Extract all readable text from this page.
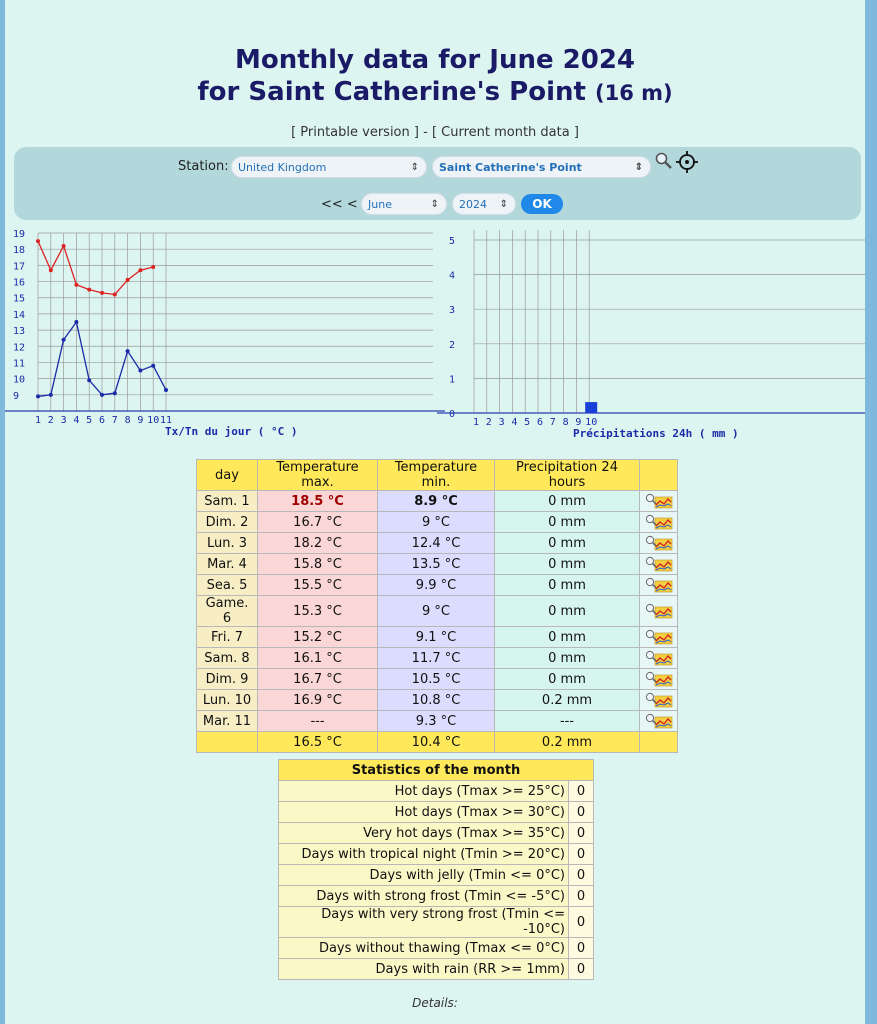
Monthly data for June 2024
for Saint Catherine's Point (16 m)
[ Printable version ] - [ Current month data ]
Station: United Kingdom	⇕	Saint Catherine's Point	⇕
<< < June	⇕	2024 ⇕	OK
9
10
11
12
13
14
15
16
17
18
19
1 2 3 4 5 6 7 8 9 10 11
Tx/Tn du jour ( °C )
0
1
2
3
4
5
1 2 3 4 5 6 7 8 9 10
Précipitations 24h ( mm )
day	Temperature max.	Temperature min.	Precipitation 24 hours	
Sam. 1	18.5 °C	8.9 °C	0 mm	
Dim. 2	16.7 °C	9 °C	0 mm	
Lun. 3	18.2 °C	12.4 °C	0 mm	
Mar. 4	15.8 °C	13.5 °C	0 mm	
Sea. 5	15.5 °C	9.9 °C	0 mm	
Game. 6	15.3 °C	9 °C	0 mm	
Fri. 7	15.2 °C	9.1 °C	0 mm	
Sam. 8	16.1 °C	11.7 °C	0 mm	
Dim. 9	16.7 °C	10.5 °C	0 mm	
Lun. 10	16.9 °C	10.8 °C	0.2 mm	
Mar. 11	---	9.3 °C	---	
	16.5 °C	10.4 °C	0.2 mm	
Statistics of the month	
Hot days (Tmax >= 25°C)	0
Hot days (Tmax >= 30°C)	0
Very hot days (Tmax >= 35°C)	0
Days with tropical night (Tmin >= 20°C)	0
Days with jelly (Tmin <= 0°C)	0
Days with strong frost (Tmin <= -5°C)	0
Days with very strong frost (Tmin <= -10°C)	0
Days without thawing (Tmax <= 0°C)	0
Days with rain (RR >= 1mm)	0
Details:
